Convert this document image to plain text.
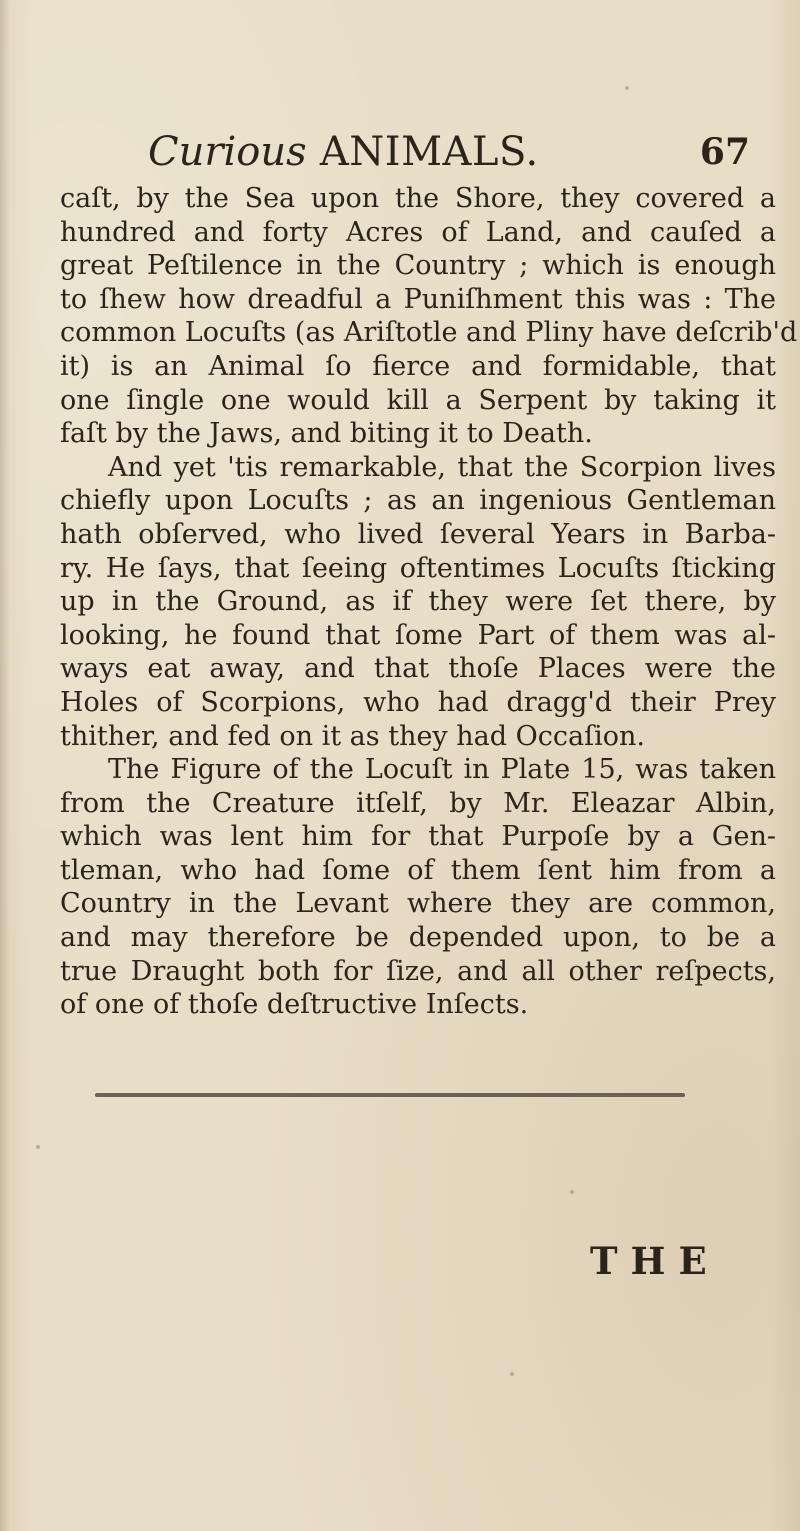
Curious ANIMALS.	67
caſt, by the Sea upon the Shore, they covered a
hundred and forty Acres of Land, and cauſed a
great Peſtilence in the Country ; which is enough
to ſhew how dreadful a Puniſhment this was : The
common Locuſts (as Ariſtotle and Pliny have deſcrib'd
it) is an Animal ſo fierce and formidable, that
one ſingle one would kill a Serpent by taking it
faſt by the Jaws, and biting it to Death.
And yet 'tis remarkable, that the Scorpion lives
chiefly upon Locuſts ; as an ingenious Gentleman
hath obſerved, who lived ſeveral Years in Barba-
ry. He ſays, that ſeeing oftentimes Locuſts ſticking
up in the Ground, as if they were ſet there, by
looking, he found that ſome Part of them was al-
ways eat away, and that thoſe Places were the
Holes of Scorpions, who had dragg'd their Prey
thither, and fed on it as they had Occaſion.
The Figure of the Locuſt in Plate 15, was taken
from the Creature itſelf, by Mr. Eleazar Albin,
which was lent him for that Purpoſe by a Gen-
tleman, who had ſome of them ſent him from a
Country in the Levant where they are common,
and may therefore be depended upon, to be a
true Draught both for ſize, and all other reſpects,
of one of thoſe deſtructive Inſects.
THE
